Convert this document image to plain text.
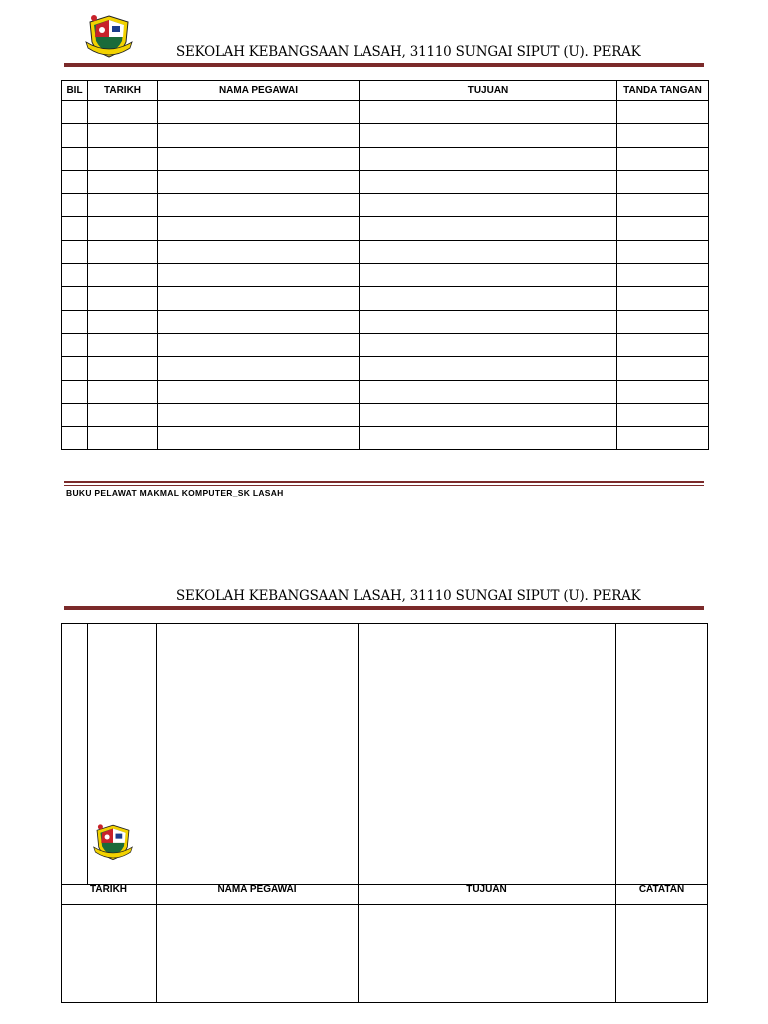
SEKOLAH KEBANGSAAN LASAH, 31110 SUNGAI SIPUT (U). PERAK
BIL	TARIKH	NAMA PEGAWAI	TUJUAN	TANDA TANGAN

BUKU PELAWAT MAKMAL KOMPUTER_SK LASAH
SEKOLAH KEBANGSAAN LASAH, 31110 SUNGAI SIPUT (U). PERAK
TARIKH	NAMA PEGAWAI	TUJUAN	CATATAN
